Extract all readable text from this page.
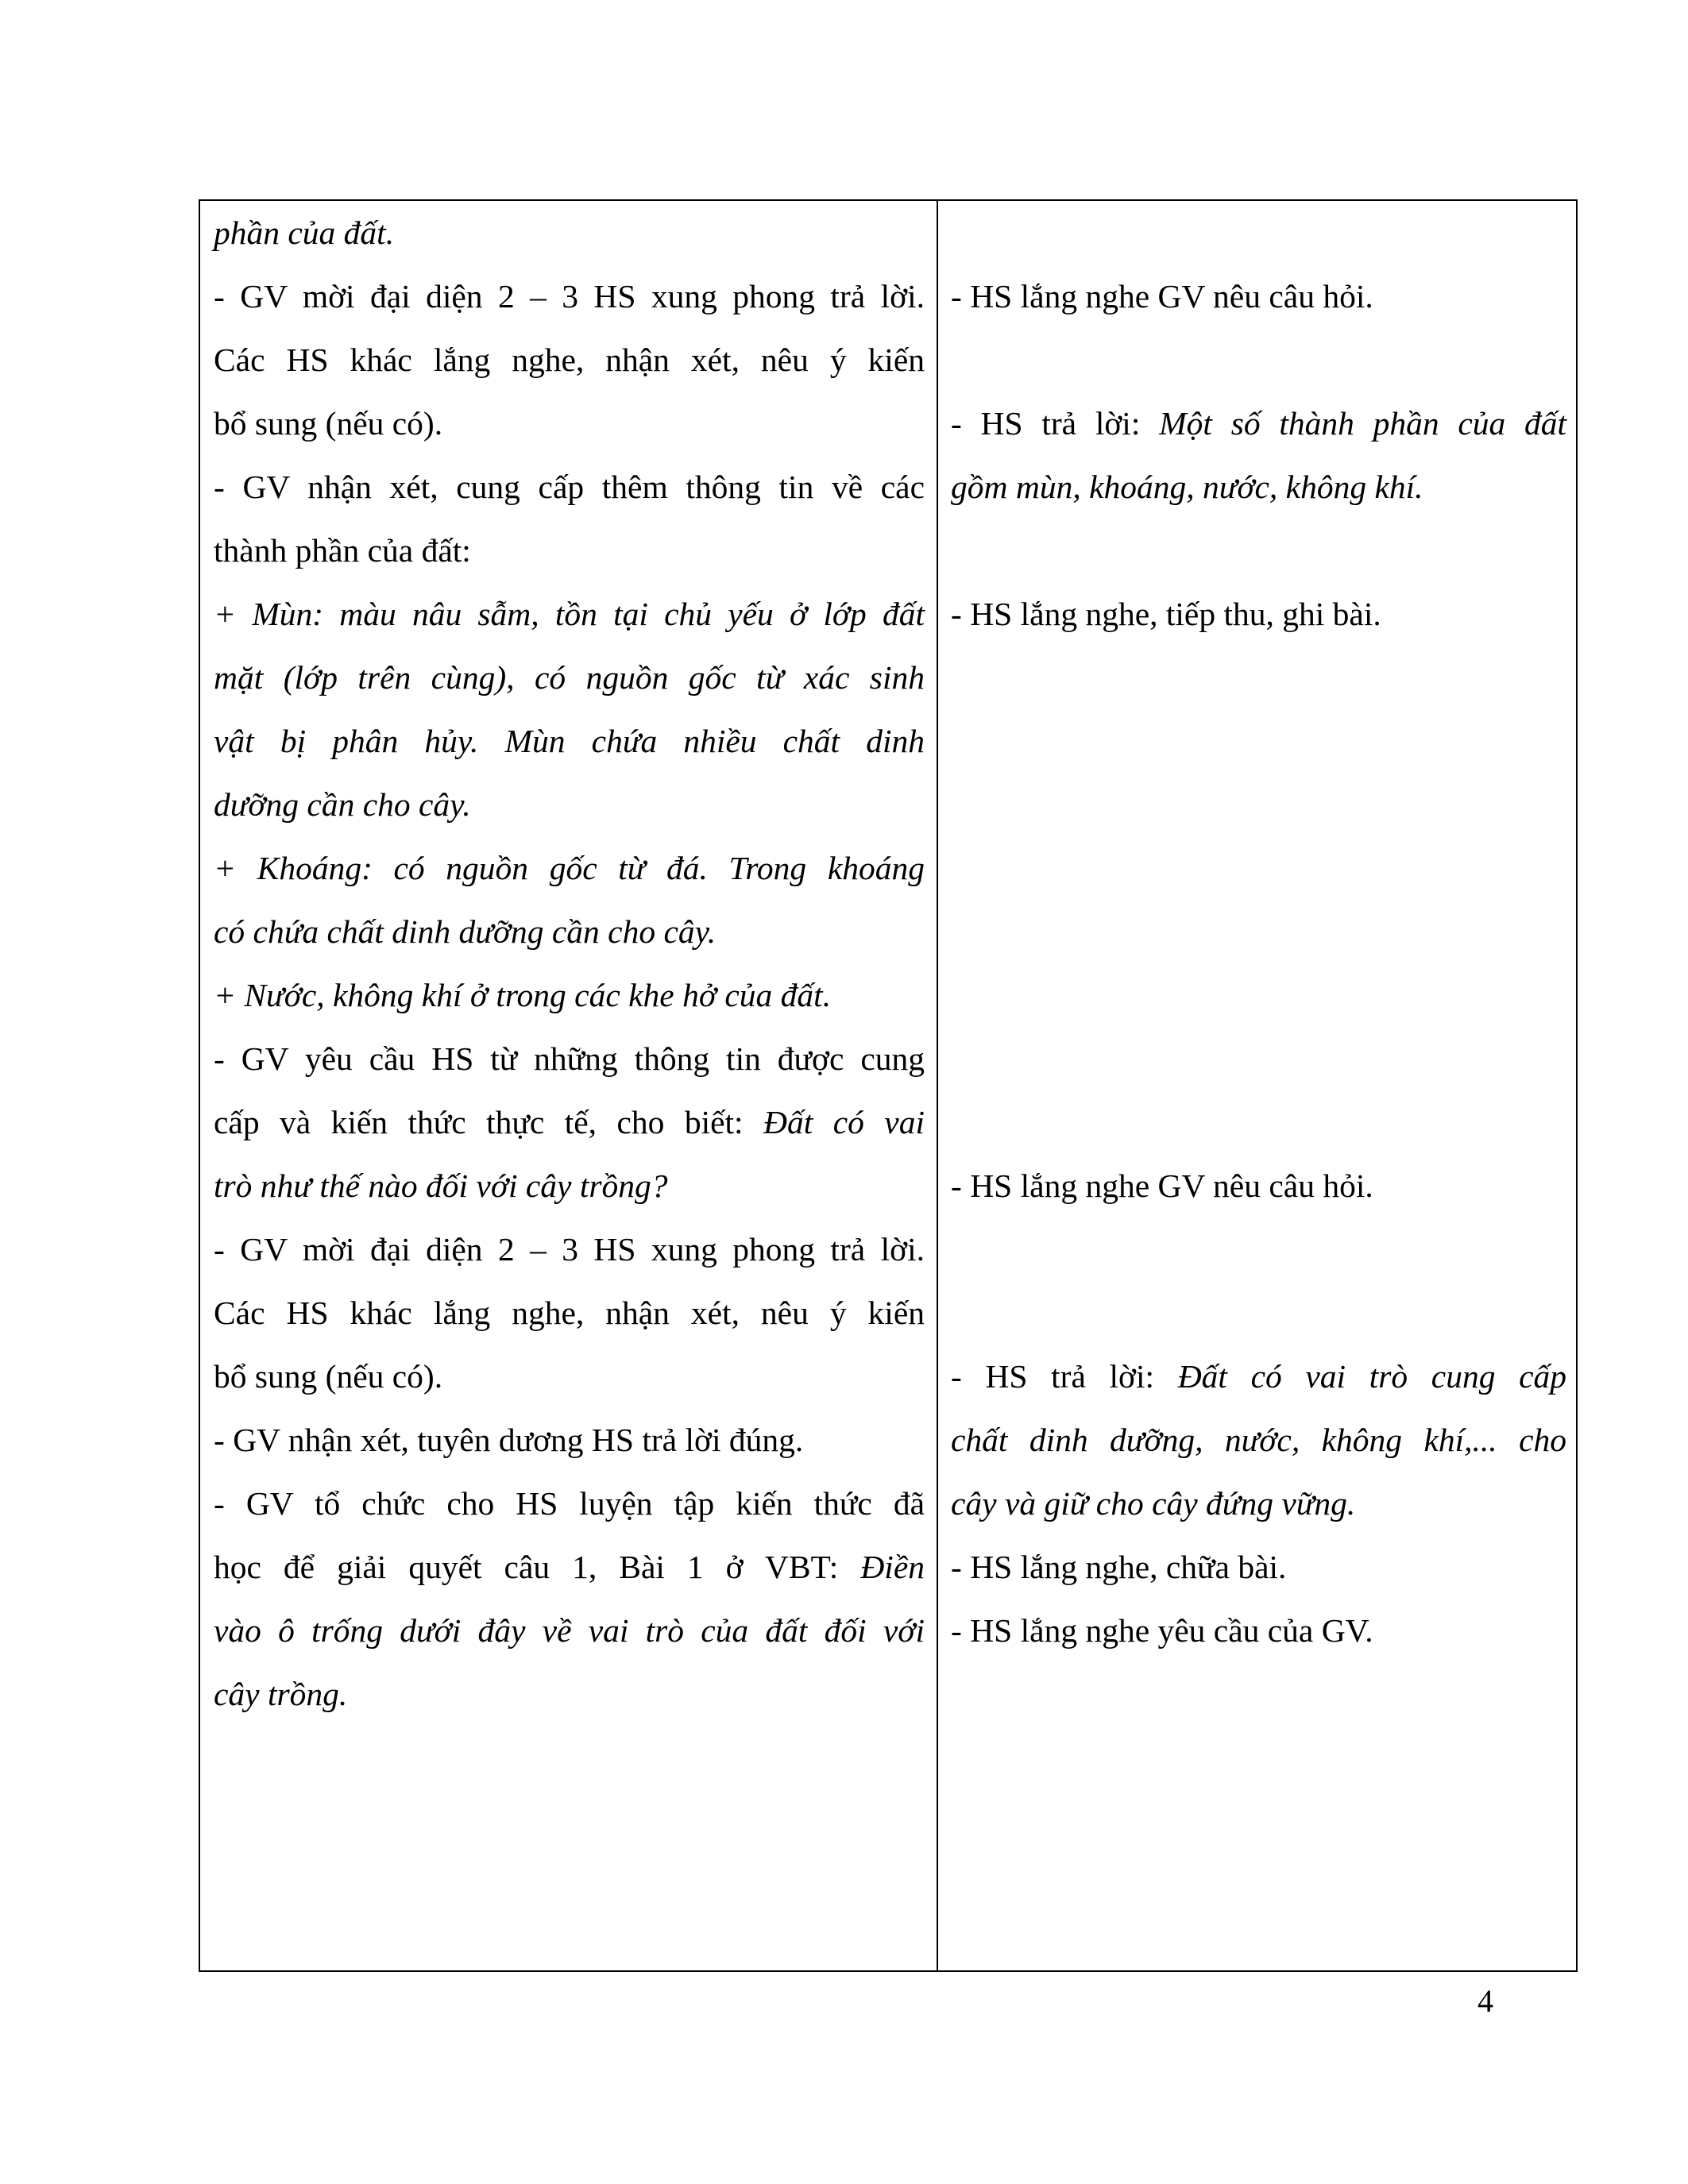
phần của đất.
- GV mời đại diện 2 – 3 HS xung phong trả lời.
Các HS khác lắng nghe, nhận xét, nêu ý kiến
bổ sung (nếu có).
- GV nhận xét, cung cấp thêm thông tin về các
thành phần của đất:
+ Mùn: màu nâu sẫm, tồn tại chủ yếu ở lớp đất
mặt (lớp trên cùng), có nguồn gốc từ xác sinh
vật bị phân hủy. Mùn chứa nhiều chất dinh
dưỡng cần cho cây.
+ Khoáng: có nguồn gốc từ đá. Trong khoáng
có chứa chất dinh dưỡng cần cho cây.
+ Nước, không khí ở trong các khe hở của đất.
- GV yêu cầu HS từ những thông tin được cung
cấp và kiến thức thực tế, cho biết: Đất có vai
trò như thế nào đối với cây trồng?
- GV mời đại diện 2 – 3 HS xung phong trả lời.
Các HS khác lắng nghe, nhận xét, nêu ý kiến
bổ sung (nếu có).
- GV nhận xét, tuyên dương HS trả lời đúng.
- GV tổ chức cho HS luyện tập kiến thức đã
học để giải quyết câu 1, Bài 1 ở VBT: Điền
vào ô trống dưới đây về vai trò của đất đối với
cây trồng.
- HS lắng nghe GV nêu câu hỏi.
- HS trả lời: Một số thành phần của đất
gồm mùn, khoáng, nước, không khí.
- HS lắng nghe, tiếp thu, ghi bài.
- HS lắng nghe GV nêu câu hỏi.
- HS trả lời: Đất có vai trò cung cấp
chất dinh dưỡng, nước, không khí,... cho
cây và giữ cho cây đứng vững.
- HS lắng nghe, chữa bài.
- HS lắng nghe yêu cầu của GV.
4
